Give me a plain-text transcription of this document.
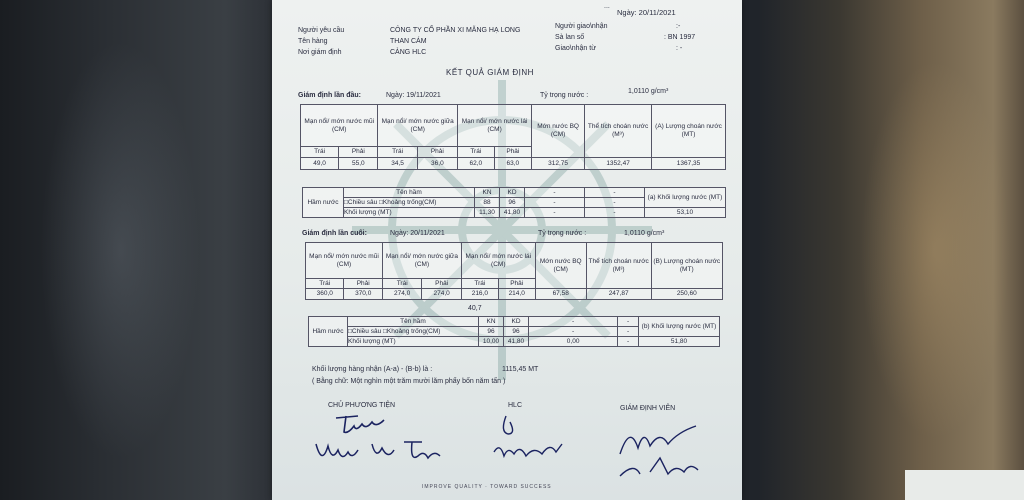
...
Ngày: 20/11/2021
Người yêu cầu	CÔNG TY CỔ PHẦN XI MĂNG HẠ LONG
Tên hàng	THAN CÁM
Nơi giám định	CẢNG HLC
Người giao\nhận	:-
Sà lan số	: BN 1997
Giao\nhận từ	: -
KẾT QUẢ GIÁM ĐỊNH
Giám định lần đầu:	Ngày: 19/11/2021	Tỷ trọng nước :
1,0110 g/cm³
Mạn nổi/ mớn nước mũi (CM)		Mạn nổi/ mớn nước giữa (CM)		Mạn nổi/ mớn nước lái (CM)		Mớn nước BQ (CM)	Thể tích choán nước (M³)	(A) Lượng choán nước (MT)
Trái	Phải	Trái	Phải	Trái	Phải			
49,0	55,0	34,5	36,0	62,0	63,0	312,75	1352,47	1367,35
Hầm nước	Tên hầm	KN	KD	-	-	(a) Khối lượng nước (MT)
	□Chiều sâu □Khoảng trống(CM)	88	96	-	-	
	Khối lượng (MT)	11,30	41,80	-	-	53,10
Giám định lần cuối:	Ngày: 20/11/2021	Tỷ trọng nước :	1,0110 g/cm³
Mạn nổi/ mớn nước mũi (CM)		Mạn nổi/ mớn nước giữa (CM)		Mạn nổi/ mớn nước lái (CM)		Mớn nước BQ (CM)	Thể tích choán nước (M³)	(B) Lượng choán nước (MT)
Trái	Phải	Trái	Phải	Trái	Phải			
360,0	370,0	274,0	274,0	216,0	214,0	67,58	247,87	250,60
40,7
Hầm nước	Tên hầm	KN	KD	-	-	(b) Khối lượng nước (MT)
	□Chiều sâu □Khoảng trống(CM)	96	96	-	-	
	Khối lượng (MT)	10,00	41,80	0,00	-	51,80
Khối lượng hàng nhận (A-a) - (B-b) là :	1115,45 MT
( Bằng chữ: Một nghìn một trăm mười lăm phẩy bốn năm tấn )
CHỦ PHƯƠNG TIỆN	HLC	GIÁM ĐỊNH VIÊN
IMPROVE QUALITY · TOWARD SUCCESS
